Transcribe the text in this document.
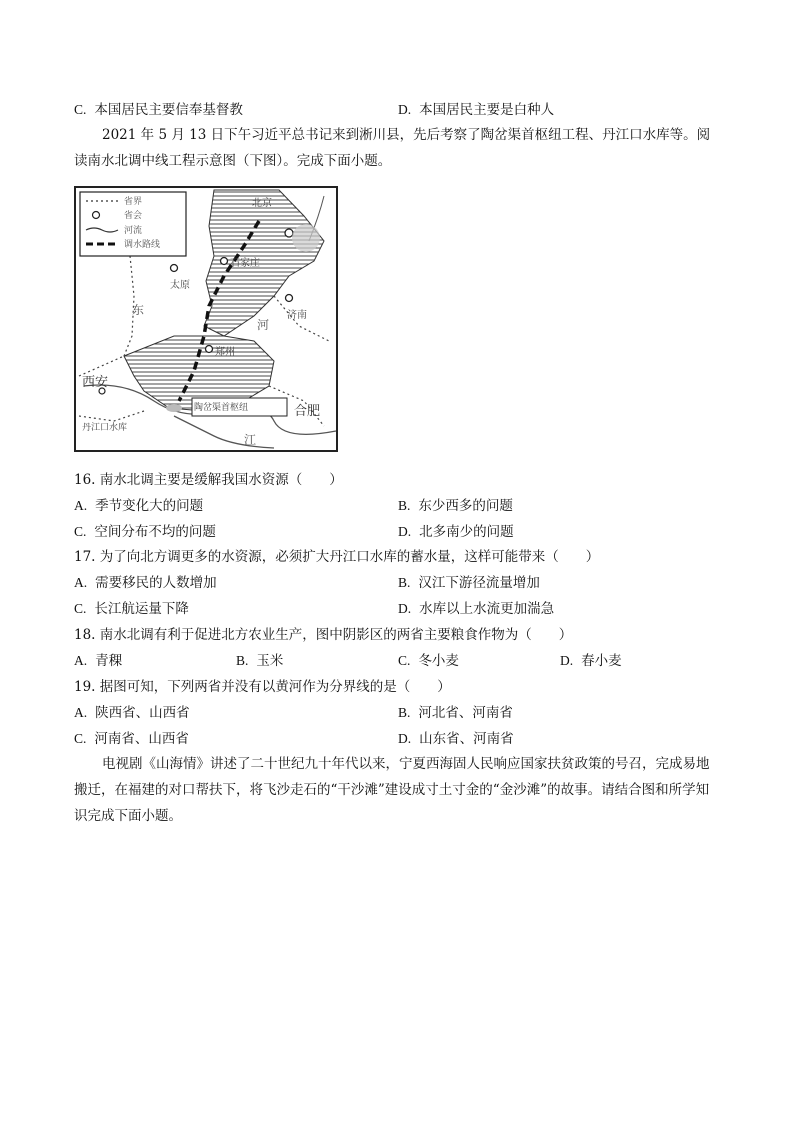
C. 本国居民主要信奉基督教	D. 本国居民主要是白种人
2021 年 5 月 13 日下午习近平总书记来到淅川县，先后考察了陶岔渠首枢纽工程、丹江口水库等。阅读南水北调中线工程示意图（下图）。完成下面小题。
省界
省会
河流
调水路线
北京
石家庄
太原
济南
郑州
西安
合肥
陶岔渠首枢纽
丹江口水库
河
江
东
16. 南水北调主要是缓解我国水资源（　　）
A. 季节变化大的问题	B. 东少西多的问题
C. 空间分布不均的问题	D. 北多南少的问题
17. 为了向北方调更多的水资源，必须扩大丹江口水库的蓄水量，这样可能带来（　　）
A. 需要移民的人数增加	B. 汉江下游径流量增加
C. 长江航运量下降	D. 水库以上水流更加湍急
18. 南水北调有利于促进北方农业生产，图中阴影区的两省主要粮食作物为（　　）
A. 青稞	B. 玉米	C. 冬小麦	D. 春小麦
19. 据图可知，下列两省并没有以黄河作为分界线的是（　　）
A. 陕西省、山西省	B. 河北省、河南省
C. 河南省、山西省	D. 山东省、河南省
电视剧《山海情》讲述了二十世纪九十年代以来，宁夏西海固人民响应国家扶贫政策的号召，完成易地搬迁，在福建的对口帮扶下，将飞沙走石的“干沙滩”建设成寸土寸金的“金沙滩”的故事。请结合图和所学知识完成下面小题。
